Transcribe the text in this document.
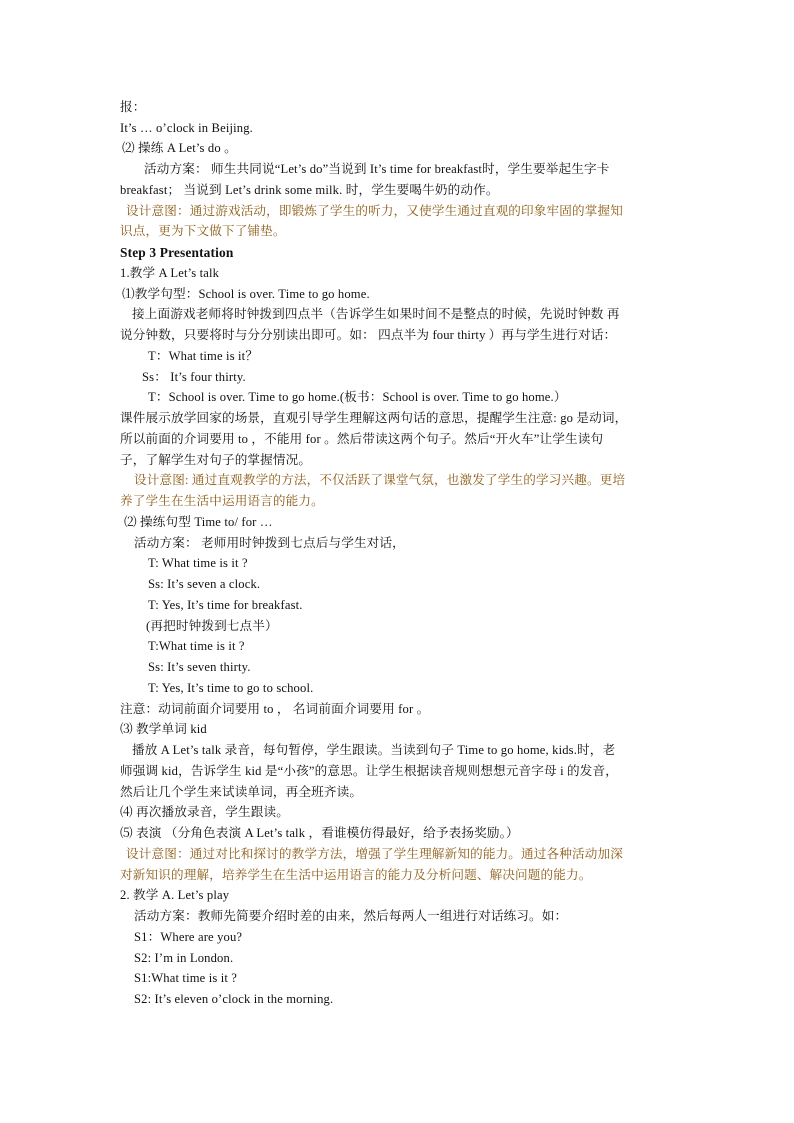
报：
It’s … o’clock in Beijing.
⑵ 操练 A Let’s do 。
活动方案： 师生共同说“Let’s do”当说到 It’s time for breakfast时，学生要举起生字卡
breakfast； 当说到 Let’s drink some milk. 时，学生要喝牛奶的动作。
设计意图：通过游戏活动，即锻炼了学生的听力，又使学生通过直观的印象牢固的掌握知
识点，更为下文做下了铺垫。
Step 3 Presentation
1.教学 A Let’s talk
⑴教学句型：School is over. Time to go home.
接上面游戏老师将时钟拨到四点半（告诉学生如果时间不是整点的时候，先说时钟数 再
说分钟数，只要将时与分分别读出即可。如： 四点半为 four thirty ）再与学生进行对话：
T：What time is it？
Ss： It’s four thirty.
T：School is over. Time to go home.(板书：School is over. Time to go home.）
课件展示放学回家的场景，直观引导学生理解这两句话的意思，提醒学生注意: go 是动词，
所以前面的介词要用 to ，不能用 for 。然后带读这两个句子。然后“开火车”让学生读句
子，了解学生对句子的掌握情况。
设计意图: 通过直观教学的方法，不仅活跃了课堂气氛，也激发了学生的学习兴趣。更培
养了学生在生活中运用语言的能力。
⑵ 操练句型 Time to/ for …
活动方案： 老师用时钟拨到七点后与学生对话，
T: What time is it ?
Ss: It’s seven a clock.
T: Yes, It’s time for breakfast.
(再把时钟拨到七点半）
T:What time is it ?
Ss: It’s seven thirty.
T: Yes, It’s time to go to school.
注意：动词前面介词要用 to ， 名词前面介词要用 for 。
⑶ 教学单词 kid
播放 A Let’s talk 录音，每句暂停，学生跟读。当读到句子 Time to go home, kids.时，老
师强调 kid，告诉学生 kid 是“小孩”的意思。让学生根据读音规则想想元音字母 i 的发音，
然后让几个学生来试读单词，再全班齐读。
⑷ 再次播放录音，学生跟读。
⑸ 表演 （分角色表演 A Let’s talk ，看谁模仿得最好，给予表扬奖励。）
设计意图：通过对比和探讨的教学方法，增强了学生理解新知的能力。通过各种活动加深
对新知识的理解，培养学生在生活中运用语言的能力及分析问题、解决问题的能力。
2. 教学 A. Let’s play
活动方案：教师先简要介绍时差的由来，然后每两人一组进行对话练习。如：
S1：Where are you?
S2: I’m in London.
S1:What time is it ?
S2: It’s eleven o’clock in the morning.
